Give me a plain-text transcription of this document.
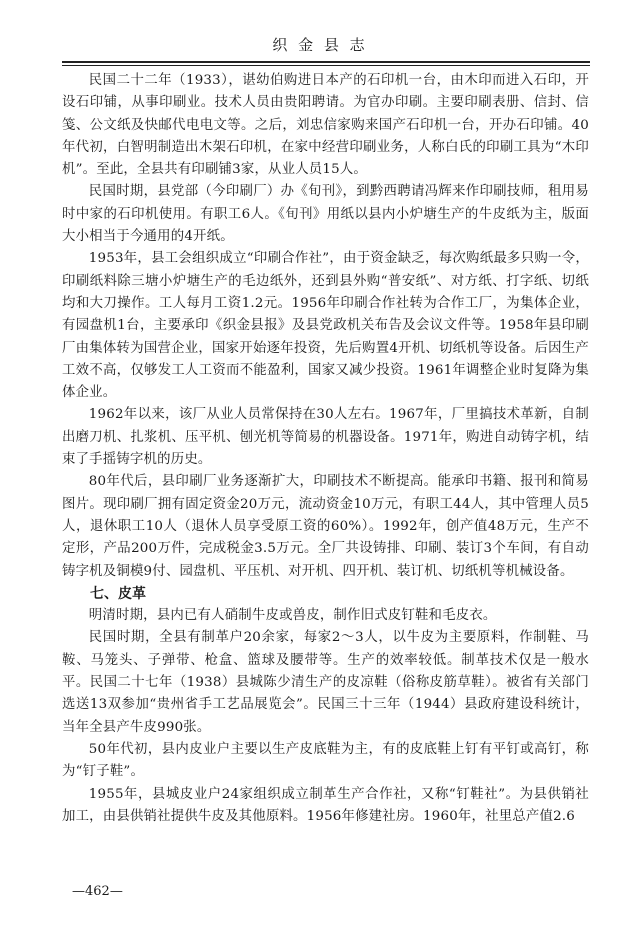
织 金 县 志

民国二十二年（1933），谌幼伯购进日本产的石印机一台，由木印而进入石印，开设石印铺，从事印刷业。技术人员由贵阳聘请。为官办印刷。主要印刷表册、信封、信笺、公文纸及快邮代电电文等。之后，刘忠信家购来国产石印机一台，开办石印铺。40年代初，白智明制造出木架石印机，在家中经营印刷业务，人称白氏的印刷工具为“木印机”。至此，全县共有印刷铺3家，从业人员15人。

民国时期，县党部（今印刷厂）办《旬刊》，到黔西聘请冯辉来作印刷技师，租用易时中家的石印机使用。有职工6人。《旬刊》用纸以县内小炉塘生产的牛皮纸为主，版面大小相当于今通用的4开纸。

1953年，县工会组织成立“印刷合作社”，由于资金缺乏，每次购纸最多只购一令，印刷纸料除三塘小炉塘生产的毛边纸外，还到县外购“普安纸”、对方纸、打字纸、切纸均和大刀操作。工人每月工资1.2元。1956年印刷合作社转为合作工厂，为集体企业，有园盘机1台，主要承印《织金县报》及县党政机关布告及会议文件等。1958年县印刷厂由集体转为国营企业，国家开始逐年投资，先后购置4开机、切纸机等设备。后因生产工效不高，仅够发工人工资而不能盈利，国家又减少投资。1961年调整企业时复降为集体企业。

1962年以来，该厂从业人员常保持在30人左右。1967年，厂里搞技术革新，自制出磨刀机、扎浆机、压平机、刨光机等简易的机器设备。1971年，购进自动铸字机，结束了手摇铸字机的历史。

80年代后，县印刷厂业务逐渐扩大，印刷技术不断提高。能承印书籍、报刊和简易图片。现印刷厂拥有固定资金20万元，流动资金10万元，有职工44人，其中管理人员5人，退休职工10人（退休人员享受原工资的60%）。1992年，创产值48万元，生产不定形，产品200万件，完成税金3.5万元。全厂共设铸排、印刷、装订3个车间，有自动铸字机及铜模9付、园盘机、平压机、对开机、四开机、装订机、切纸机等机械设备。

七、皮革

明清时期，县内已有人硝制牛皮或兽皮，制作旧式皮钉鞋和毛皮衣。

民国时期，全县有制革户20余家，每家2～3人，以牛皮为主要原料，作制鞋、马鞍、马笼头、子弹带、枪盒、篮球及腰带等。生产的效率较低。制革技术仅是一般水平。民国二十七年（1938）县城陈少清生产的皮凉鞋（俗称皮筋草鞋）。被省有关部门选送13双参加“贵州省手工艺品展览会”。民国三十三年（1944）县政府建设科统计，当年全县产牛皮990张。

50年代初，县内皮业户主要以生产皮底鞋为主，有的皮底鞋上钉有平钉或高钉，称为“钉子鞋”。

1955年，县城皮业户24家组织成立制革生产合作社，又称“钉鞋社”。为县供销社加工，由县供销社提供牛皮及其他原料。1956年修建社房。1960年，社里总产值2.6

—462—
